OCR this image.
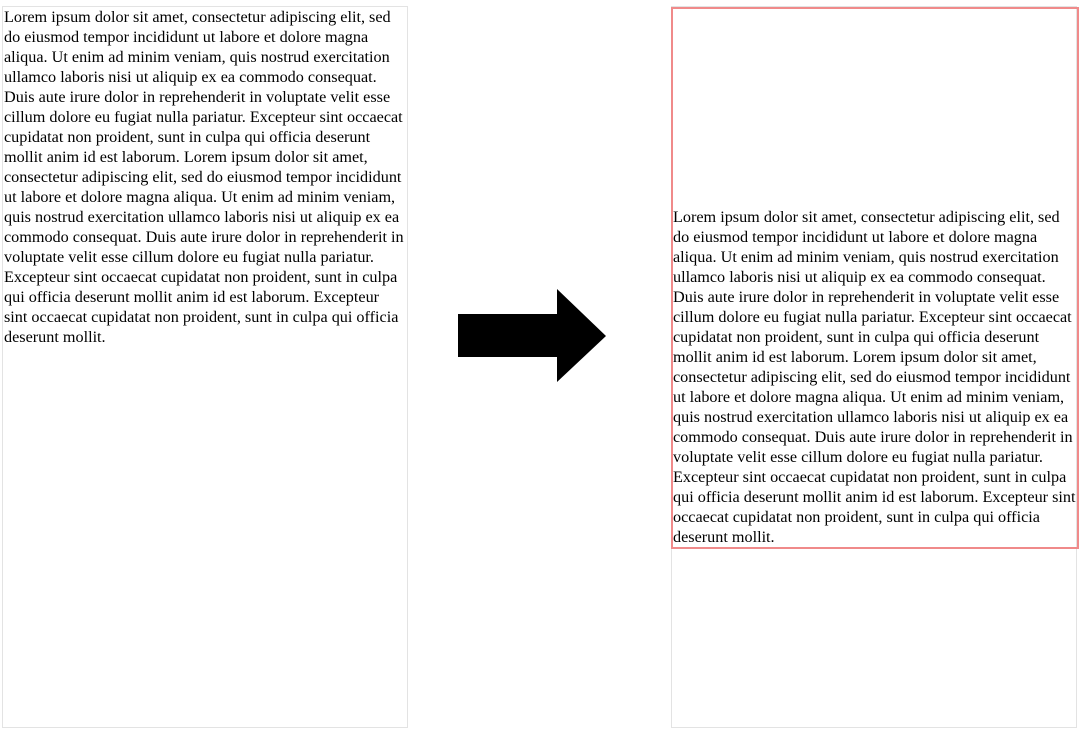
Lorem ipsum dolor sit amet, consectetur adipiscing elit, sed do eiusmod tempor incididunt ut labore et dolore magna aliqua. Ut enim ad minim veniam, quis nostrud exercitation ullamco laboris nisi ut aliquip ex ea commodo consequat. Duis aute irure dolor in reprehenderit in voluptate velit esse cillum dolore eu fugiat nulla pariatur. Excepteur sint occaecat cupidatat non proident, sunt in culpa qui officia deserunt mollit anim id est laborum. Lorem ipsum dolor sit amet, consectetur adipiscing elit, sed do eiusmod tempor incididunt ut labore et dolore magna aliqua. Ut enim ad minim veniam, quis nostrud exercitation ullamco laboris nisi ut aliquip ex ea commodo consequat. Duis aute irure dolor in reprehenderit in voluptate velit esse cillum dolore eu fugiat nulla pariatur. Excepteur sint occaecat cupidatat non proident, sunt in culpa qui officia deserunt mollit anim id est laborum. Excepteur sint occaecat cupidatat non proident, sunt in culpa qui officia deserunt mollit.

Lorem ipsum dolor sit amet, consectetur adipiscing elit, sed do eiusmod tempor incididunt ut labore et dolore magna aliqua. Ut enim ad minim veniam, quis nostrud exercitation ullamco laboris nisi ut aliquip ex ea commodo consequat. Duis aute irure dolor in reprehenderit in voluptate velit esse cillum dolore eu fugiat nulla pariatur. Excepteur sint occaecat cupidatat non proident, sunt in culpa qui officia deserunt mollit anim id est laborum. Lorem ipsum dolor sit amet, consectetur adipiscing elit, sed do eiusmod tempor incididunt ut labore et dolore magna aliqua. Ut enim ad minim veniam, quis nostrud exercitation ullamco laboris nisi ut aliquip ex ea commodo consequat. Duis aute irure dolor in reprehenderit in voluptate velit esse cillum dolore eu fugiat nulla pariatur. Excepteur sint occaecat cupidatat non proident, sunt in culpa qui officia deserunt mollit anim id est laborum. Excepteur sint occaecat cupidatat non proident, sunt in culpa qui officia deserunt mollit.
